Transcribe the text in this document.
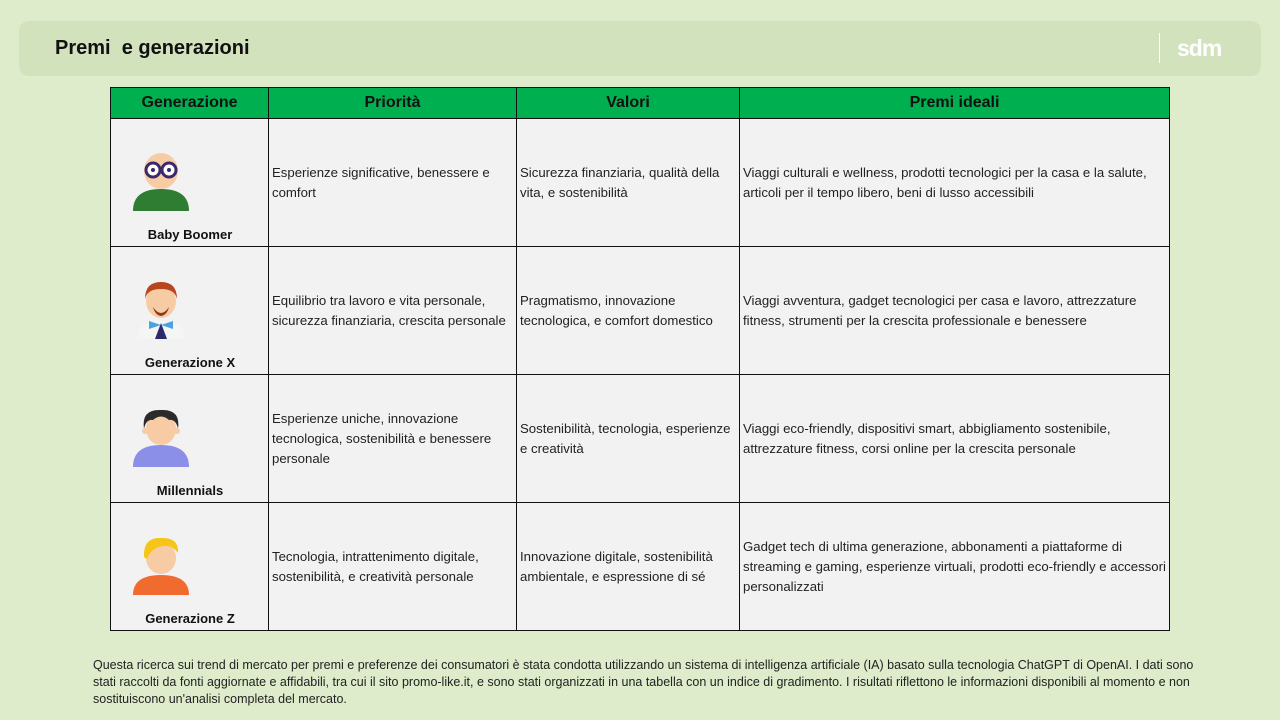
Premi  e generazioni	sdm
Generazione	Priorità	Valori	Premi ideali

Baby Boomer	Esperienze significative, benessere e comfort	Sicurezza finanziaria, qualità della vita, e sostenibilità	Viaggi culturali e wellness, prodotti tecnologici per la casa e la salute, articoli per il tempo libero, beni di lusso accessibili

Generazione X	Equilibrio tra lavoro e vita personale, sicurezza finanziaria, crescita personale	Pragmatismo, innovazione tecnologica, e comfort domestico	Viaggi avventura, gadget tecnologici per casa e lavoro, attrezzature fitness, strumenti per la crescita professionale e benessere

Millennials	Esperienze uniche, innovazione tecnologica, sostenibilità e benessere personale	Sostenibilità, tecnologia, esperienze e creatività	Viaggi eco-friendly, dispositivi smart, abbigliamento sostenibile, attrezzature fitness, corsi online per la crescita personale

Generazione Z	Tecnologia, intrattenimento digitale, sostenibilità, e creatività personale	Innovazione digitale, sostenibilità ambientale, e espressione di sé	Gadget tech di ultima generazione, abbonamenti a piattaforme di streaming e gaming, esperienze virtuali, prodotti eco-friendly e accessori personalizzati
Questa ricerca sui trend di mercato per premi e preferenze dei consumatori è stata condotta utilizzando un sistema di intelligenza artificiale (IA) basato sulla tecnologia ChatGPT di OpenAI. I dati sono stati raccolti da fonti aggiornate e affidabili, tra cui il sito promo-like.it, e sono stati organizzati in una tabella con un indice di gradimento. I risultati riflettono le informazioni disponibili al momento e non sostituiscono un'analisi completa del mercato.
